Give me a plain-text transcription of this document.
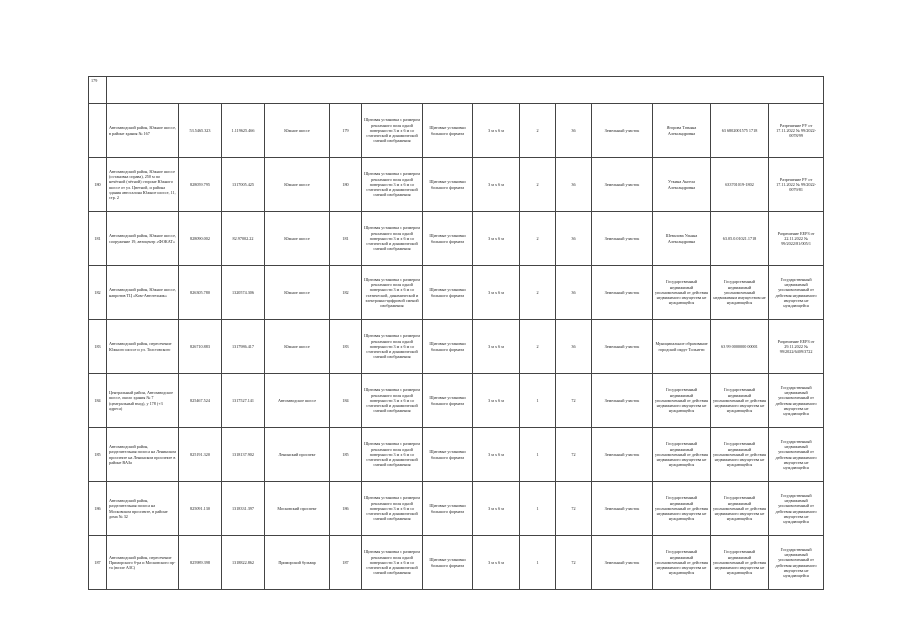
179														
	Автозаводский район, Южное шоссе, в районе здания № 167	53.5465.323	1.119625.466	Южное шоссе	179	Щитовая установка с размером рекламного поля одной поверхности 3 м х 6 м со статической и динамической сменой изображения	Щитовые установки большого формата	3 м х 6 м	2	36	Земельный участок	Ягорова Татьяна Александровна	63 6802001575 1718	Разрешение РУ от 17.11.2022 № 99/2022-0078/99
180	Автозаводский район, Южное шоссе (остановка справа), 250 м по нечётной (чётной) стороне Южного шоссе от ул. Цветной, и района здания автосалона Южное шоссе, 11, стр. 2	828059.795	1317005.425	Южное шоссе	180	Щитовая установка с размером рекламного поля одной поверхности 3 м х 6 м со статической и динамической сменой изображения	Щитовые установки большого формата	3 м х 6 м	2	36	Земельный участок	Уткина Ангела Александровна	633701019-1802	Разрешение РУ от 17.11.2022 № 99/2022-0079/81
181	Автозаводский район, Южное шоссе, сооружение 19, автоцентр «ФОКАТ»	828090.002	82.97002.22	Южное шоссе	181	Щитовая установка с размером рекламного поля одной поверхности 3 м х 6 м со статической и динамической сменой изображения	Щитовые установки большого формата	3 м х 6 м	2	36	Земельный участок	Шевалова Ульяна Александровна	63.05.0.01021.1718	Разрешение ЕЕРЗ от 22.11.2022 № 99/2022/81/005/1
182	Автозаводский район, Южное шоссе, напротив ТЦ «Ком-Автотехник»	826305.780	1320574.306	Южное шоссе	182	Щитовая установка с размером рекламного поля одной поверхности 3 м х 6 м со статической, динамической и электронно-цифровой сменой изображения	Щитовые установки большого формата	3 м х 6 м	2	36	Земельный участок	Государственный недвижимый уполномоченный от действия недвижимого имущества не нуждающейся	Государственный недвижимый уполномоченный недвижимым имуществом не нуждающейся	Государственный недвижимый уполномоченный от действия недвижимого имущества не нуждающейся
183	Автозаводский район, пересечение Южного шоссе и ул. Толстовского	826710.883	1317986.417	Южное шоссе	183	Щитовая установка с размером рекламного поля одной поверхности 3 м х 6 м со статической и динамической сменой изображения	Щитовые установки большого формата	3 м х 6 м	2	36	Земельный участок	Муниципальное образование городской округ Тольятти	63 99 0000000 00001	Разрешение ЕЕРЗ от 29.11.2022 № 99/2022/6409/3722
184	Центральный район, Автозаводское шоссе, около здания № 7 (центральный вход), у 178 (+3 адреса)	825467.524	1317527.141	Автозаводское шоссе	184	Щитовая установка с размером рекламного поля одной поверхности 3 м х 6 м со статической и динамической сменой изображения	Щитовые установки большого формата	3 м х 6 м	1	72	Земельный участок	Государственный недвижимый уполномоченный от действия недвижимого имущества не нуждающейся	Государственный недвижимый уполномоченный от действия недвижимого имущества не нуждающейся	Государственный недвижимый уполномоченный от действия недвижимого имущества не нуждающейся
185	Автозаводский район, разделительная полоса на Ленинском проспекте на Ленинском проспекте в районе ВАЗа	825191.320	1318137.902	Ленинский проспект	185	Щитовая установка с размером рекламного поля одной поверхности 3 м х 6 м со статической и динамической сменой изображения	Щитовые установки большого формата	3 м х 6 м	1	72	Земельный участок	Государственный недвижимый уполномоченный от действия недвижимого имущества не нуждающейся	Государственный недвижимый уполномоченный от действия недвижимого имущества не нуждающейся	Государственный недвижимый уполномоченный от действия недвижимого имущества не нуждающейся
186	Автозаводский район, разделительная полоса на Московском проспекте, в районе дома № 32	825091.130	1318331.397	Московский проспект	186	Щитовая установка с размером рекламного поля одной поверхности 3 м х 6 м со статической и динамической сменой изображения	Щитовые установки большого формата	3 м х 6 м	1	72	Земельный участок	Государственный недвижимый уполномоченный от действия недвижимого имущества не нуждающейся	Государственный недвижимый уполномоченный от действия недвижимого имущества не нуждающейся	Государственный недвижимый уполномоченный от действия недвижимого имущества не нуждающейся
187	Автозаводский район, пересечение Приморского б-ра и Московского пр-та (возле АЗС)	825989.398	1318822.862	Приморский бульвар	187	Щитовая установка с размером рекламного поля одной поверхности 3 м х 6 м со статической и динамической сменой изображения	Щитовые установки большого формата	3 м х 6 м	1	72	Земельный участок	Государственный недвижимый уполномоченный от действия недвижимого имущества не нуждающейся	Государственный недвижимый уполномоченный от действия недвижимого имущества не нуждающейся	Государственный недвижимый уполномоченный от действия недвижимого имущества не нуждающейся
